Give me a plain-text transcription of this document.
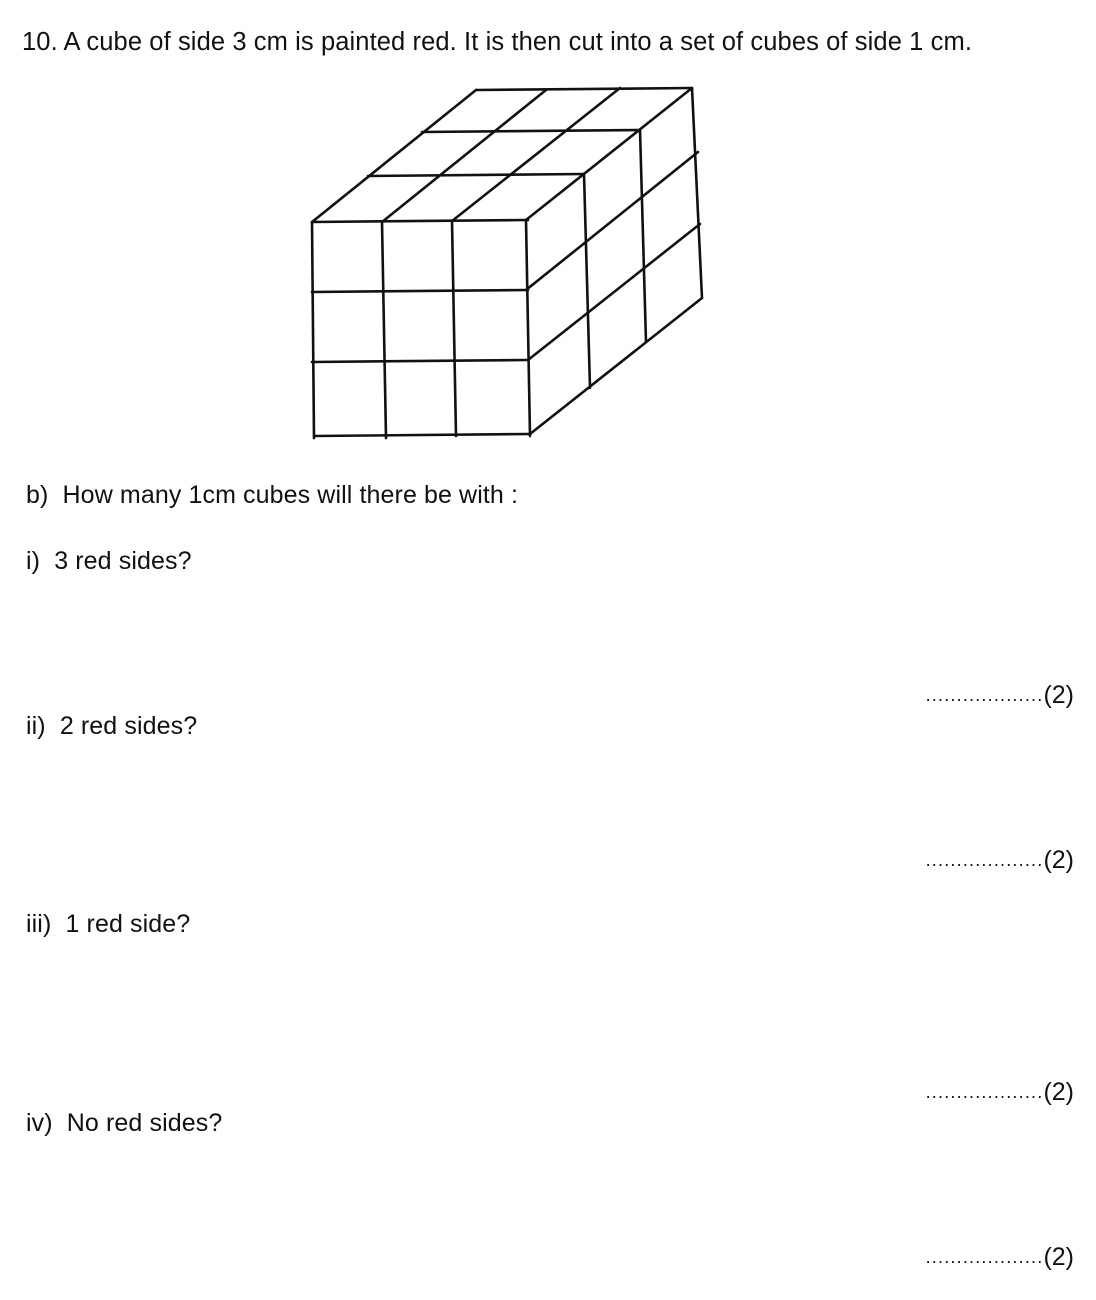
10. A cube of side 3 cm is painted red. It is then cut into a set of cubes of side 1 cm.
b) How many 1cm cubes will there be with :
i) 3 red sides?
...................(2)
ii) 2 red sides?
...................(2)
iii) 1 red side?
...................(2)
iv) No red sides?
...................(2)
